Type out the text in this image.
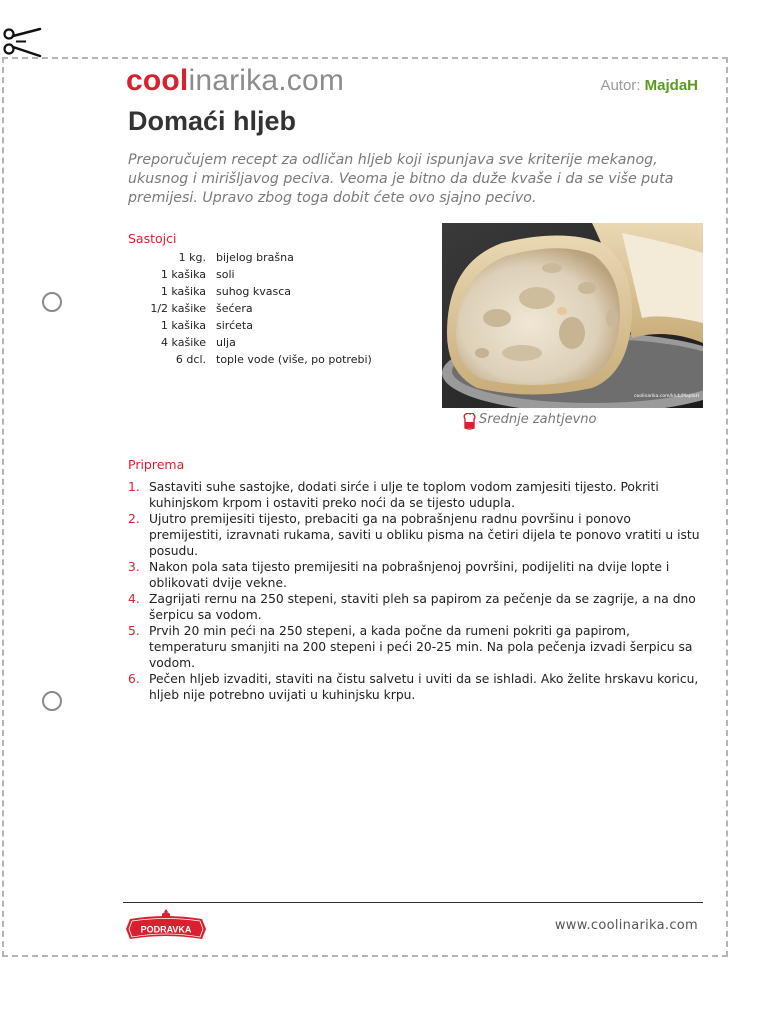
coolinarika.com	Autor: MajdaH
Domaći hljeb

Preporučujem recept za odličan hljeb koji ispunjava sve kriterije mekanog, ukusnog i mirišljavog peciva. Veoma je bitno da duže kvaše i da se više puta premijesi. Upravo zbog toga dobit ćete ovo sjajno pecivo.

Sastojci
1 kg.	bijelog brašna
1 kašika	soli
1 kašika	suhog kvasca
1/2 kašike	šećera
1 kašika	sirćeta
4 kašike	ulja
6 dcl.	tople vode (više, po potrebi)
coolinarika.com/klub/MajdaH
Srednje zahtjevno
Priprema
1. Sastaviti suhe sastojke, dodati sirće i ulje te toplom vodom zamjesiti tijesto. Pokriti kuhinjskom krpom i ostaviti preko noći da se tijesto udupla.
2. Ujutro premijesiti tijesto, prebaciti ga na pobrašnjenu radnu površinu i ponovo premijestiti, izravnati rukama, saviti u obliku pisma na četiri dijela te ponovo vratiti u istu posudu.
3. Nakon pola sata tijesto premijesiti na pobrašnjenoj površini, podijeliti na dvije lopte i oblikovati dvije vekne.
4. Zagrijati rernu na 250 stepeni, staviti pleh sa papirom za pečenje da se zagrije, a na dno šerpicu sa vodom.
5. Prvih 20 min peći na 250 stepeni, a kada počne da rumeni pokriti ga papirom, temperaturu smanjiti na 200 stepeni i peći 20-25 min. Na pola pečenja izvadi šerpicu sa vodom.
6. Pečen hljeb izvaditi, staviti na čistu salvetu i uviti da se ishladi. Ako želite hrskavu koricu, hljeb nije potrebno uvijati u kuhinjsku krpu.
PODRAVKA	www.coolinarika.com
